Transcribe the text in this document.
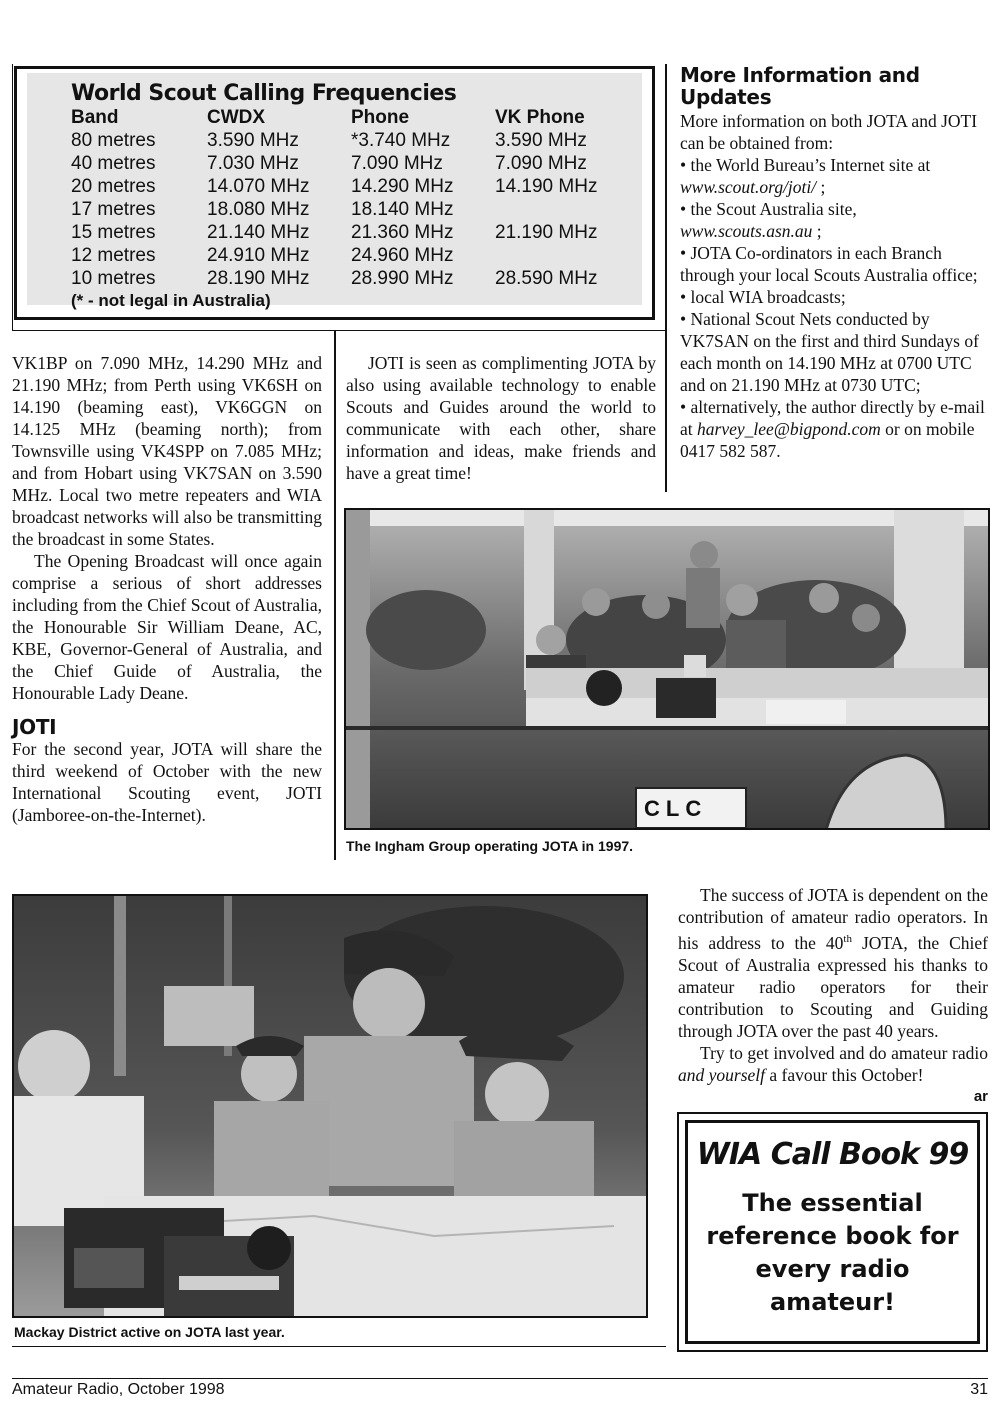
World Scout Calling Frequencies
Band	CWDX	Phone	VK Phone
80 metres	3.590 MHz	*3.740 MHz 3.590 MHz
40 metres	7.030 MHz	7.090 MHz	7.090 MHz
20 metres	14.070 MHz 14.290 MHz 14.190 MHz
17 metres	18.080 MHz 18.140 MHz
15 metres	21.140 MHz 21.360 MHz 21.190 MHz
12 metres	24.910 MHz 24.960 MHz
10 metres	28.190 MHz 28.990 MHz 28.590 MHz
(* - not legal in Australia)
More Information and Updates

More information on both JOTA and JOTI can be obtained from:

• the World Bureau’s Internet site at www.scout.org/joti/ ;

• the Scout Australia site, www.scouts.asn.au ;

• JOTA Co-ordinators in each Branch through your local Scouts Australia office;

• local WIA broadcasts;

• National Scout Nets conducted by VK7SAN on the first and third Sundays of each month on 14.190 MHz at 0700 UTC and on 21.190 MHz at 0730 UTC;

• alternatively, the author directly by e-mail at harvey_lee@bigpond.com or on mobile 0417 582 587.

VK1BP on 7.090 MHz, 14.290 MHz and 21.190 MHz; from Perth using VK6SH on 14.190 (beaming east), VK6GGN on 14.125 MHz (beaming north); from Townsville using VK4SPP on 7.085 MHz; and from Hobart using VK7SAN on 3.590 MHz. Local two metre repeaters and WIA broadcast networks will also be transmitting the broadcast in some States.

The Opening Broadcast will once again comprise a serious of short addresses including from the Chief Scout of Australia, the Honourable Sir William Deane, AC, KBE, Governor-General of Australia, and the Chief Guide of Australia, the Honourable Lady Deane.

JOTI

For the second year, JOTA will share the third weekend of October with the new International Scouting event, JOTI (Jamboree-on-the-Internet).

JOTI is seen as complimenting JOTA by also using available technology to enable Scouts and Guides around the world to communicate with each other, share information and ideas, make friends and have a great time!

CLC
The Ingham Group operating JOTA in 1997.
Mackay District active on JOTA last year.

The success of JOTA is dependent on the contribution of amateur radio operators. In his address to the 40th JOTA, the Chief Scout of Australia expressed his thanks to amateur radio operators for their contribution to Scouting and Guiding through JOTA over the past 40 years.

Try to get involved and do amateur radio and yourself a favour this October!

ar

WIA Call Book 99
The essential
reference book for
every radio
amateur!
Amateur Radio, October 1998	31
